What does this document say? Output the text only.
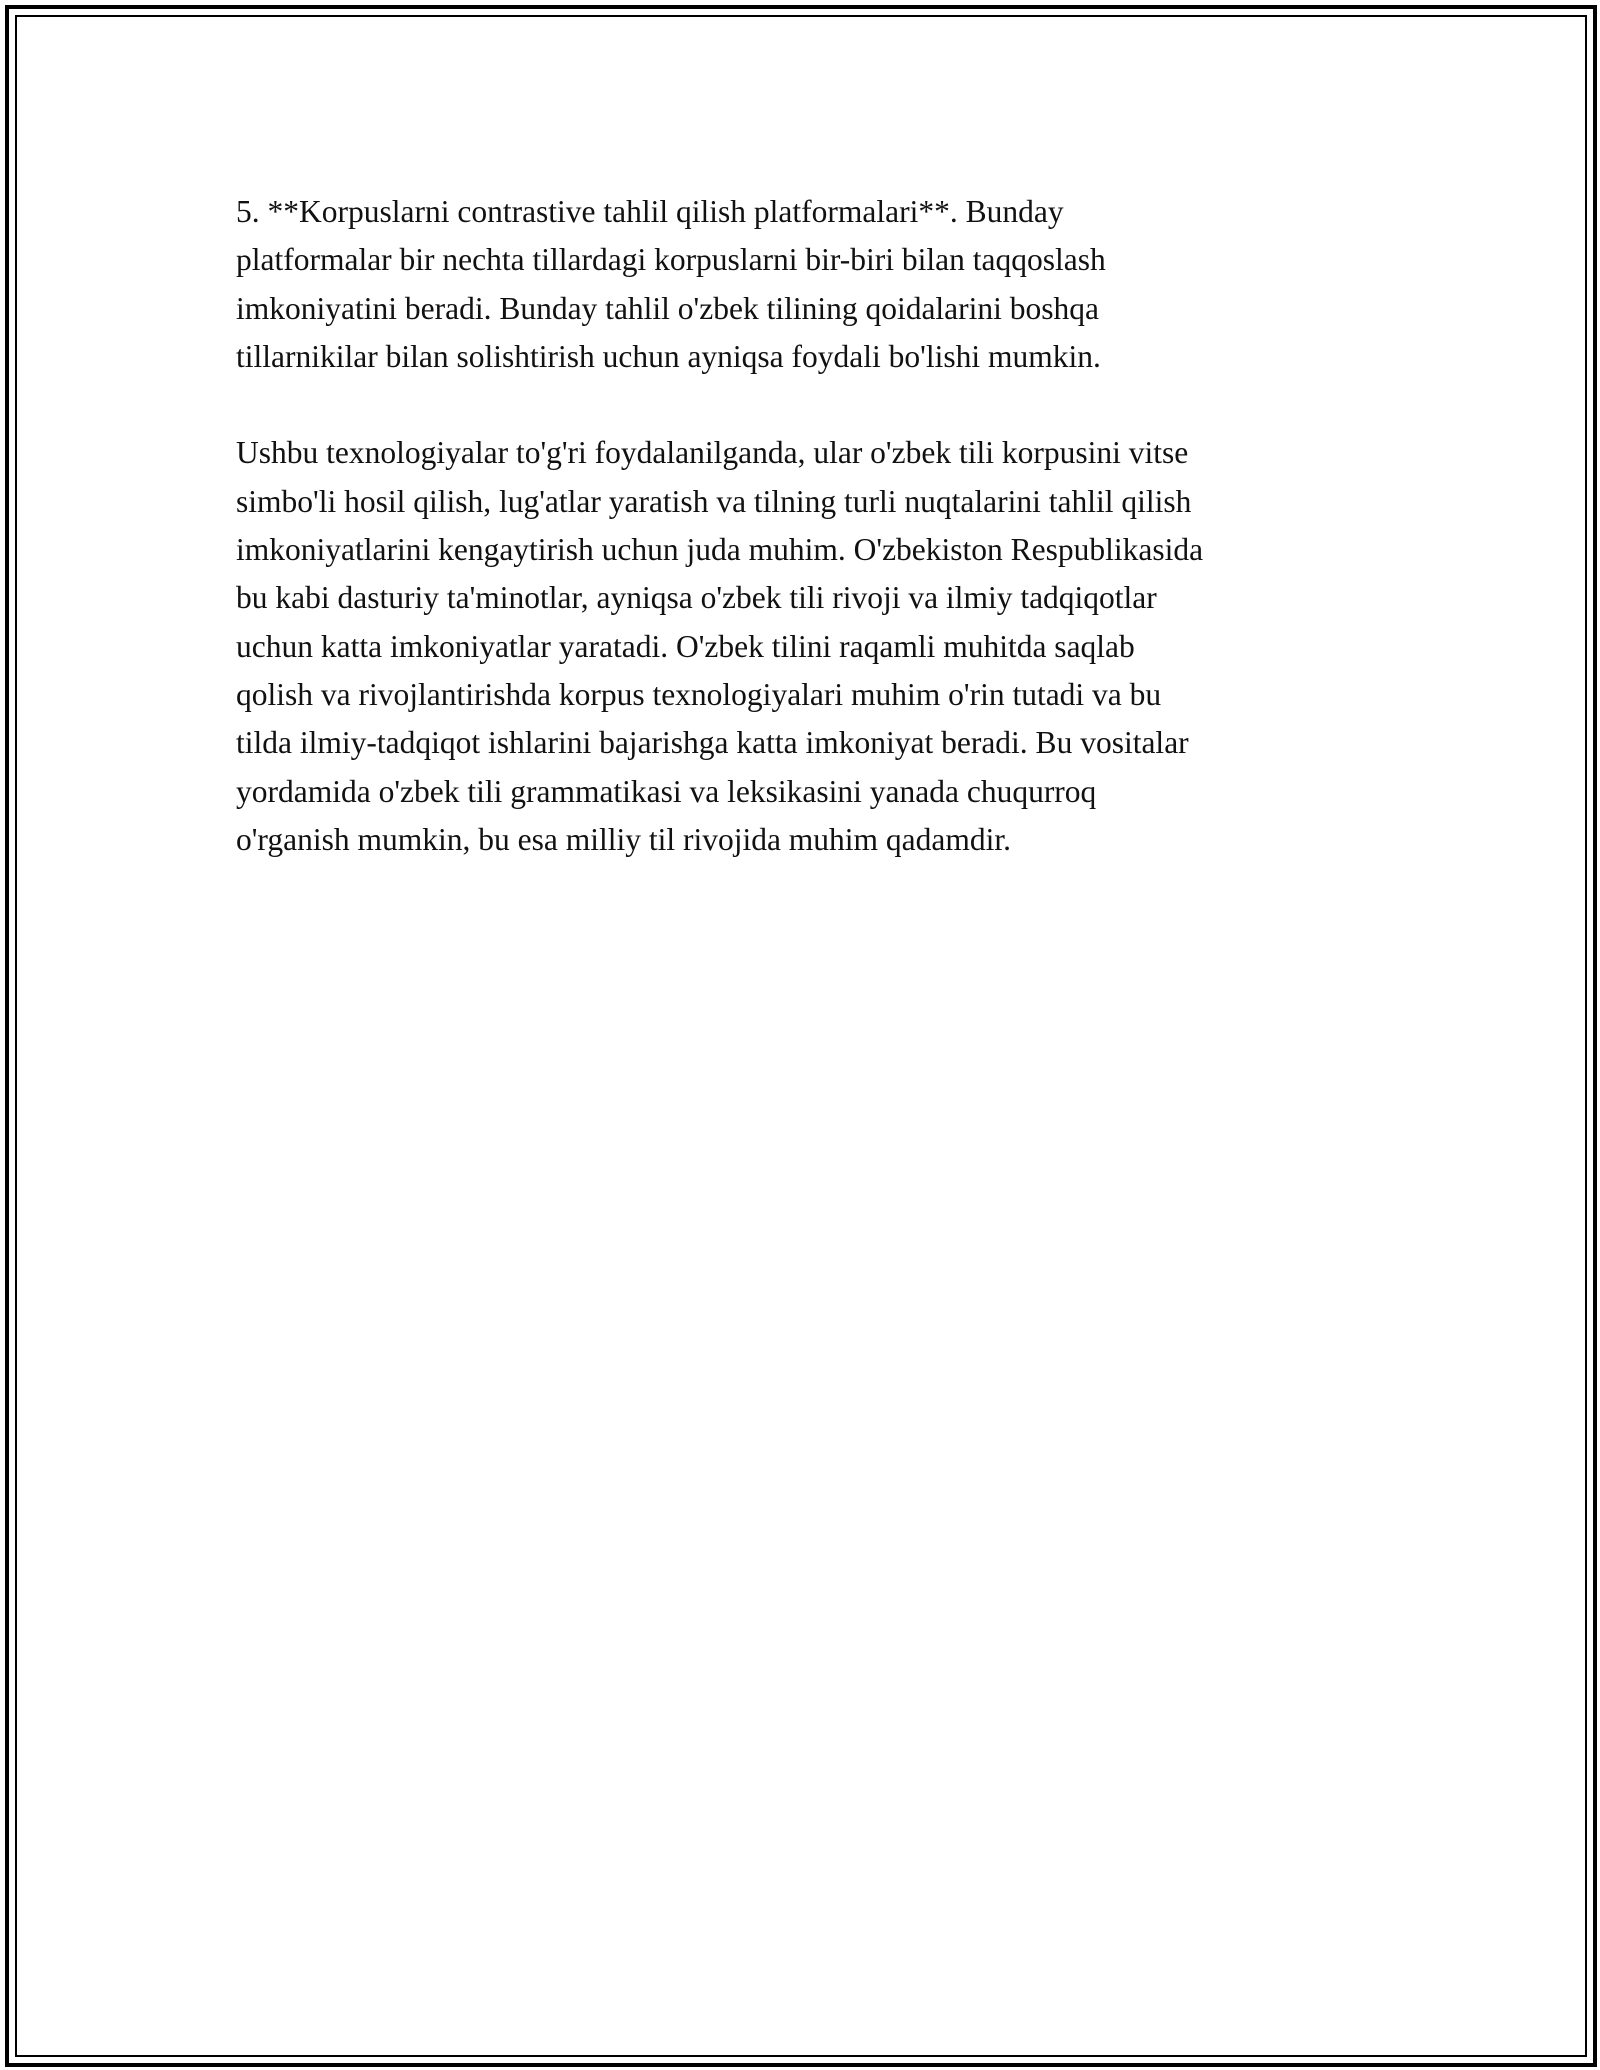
5. **Korpuslarni contrastive tahlil qilish platformalari**. Bunday
platformalar bir nechta tillardagi korpuslarni bir-biri bilan taqqoslash
imkoniyatini beradi. Bunday tahlil o'zbek tilining qoidalarini boshqa
tillarnikilar bilan solishtirish uchun ayniqsa foydali bo'lishi mumkin.

Ushbu texnologiyalar to'g'ri foydalanilganda, ular o'zbek tili korpusini vitse
simbo'li hosil qilish, lug'atlar yaratish va tilning turli nuqtalarini tahlil qilish
imkoniyatlarini kengaytirish uchun juda muhim. O'zbekiston Respublikasida
bu kabi dasturiy ta'minotlar, ayniqsa o'zbek tili rivoji va ilmiy tadqiqotlar
uchun katta imkoniyatlar yaratadi. O'zbek tilini raqamli muhitda saqlab
qolish va rivojlantirishda korpus texnologiyalari muhim o'rin tutadi va bu
tilda ilmiy-tadqiqot ishlarini bajarishga katta imkoniyat beradi. Bu vositalar
yordamida o'zbek tili grammatikasi va leksikasini yanada chuqurroq
o'rganish mumkin, bu esa milliy til rivojida muhim qadamdir.
